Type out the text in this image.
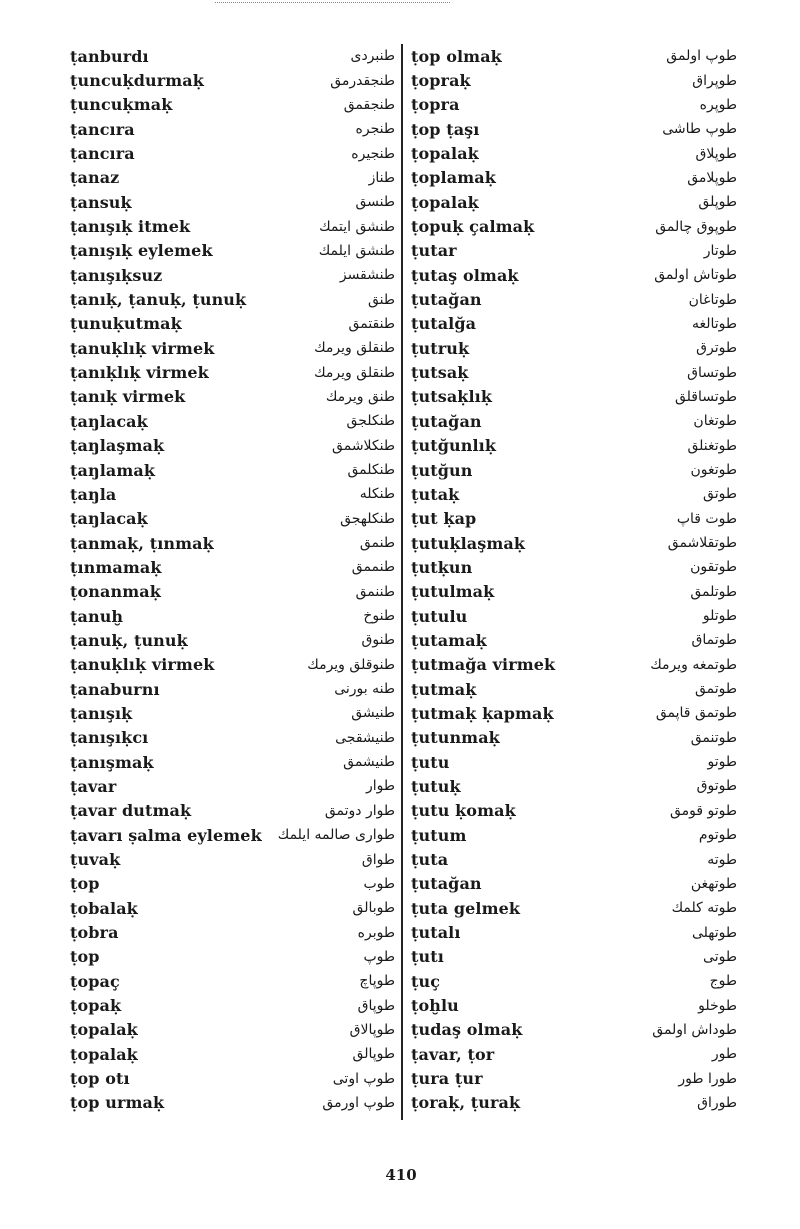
ṭanburdı	طنبردی
ṭuncuḳdurmaḳ	طنجقدرمق
ṭuncuḳmaḳ	طنجقمق
ṭancıra	طنجره
ṭancıra	طنجیره
ṭanaz	طناز
ṭansuḳ	طنسق
ṭanışıḳ itmek	طنشق ایتمك
ṭanışıḳ eylemek	طنشق ایلمك
ṭanışıḳsuz	طنشقسز
ṭanıḳ, ṭanuḳ, ṭunuḳ	طنق
ṭunuḳutmaḳ	طنقتمق
ṭanuḳlıḳ virmek	طنقلق ویرمك
ṭanıḳlıḳ virmek	طنقلق ویرمك
ṭanıḳ virmek	طنق ویرمك
ṭaŋlacaḳ	طنكلجق
ṭaŋlaşmaḳ	طنكلاشمق
ṭaŋlamaḳ	طنكلمق
ṭaŋla	طنكله
ṭaŋlacaḳ	طنكلهجق
ṭanmaḳ, ṭınmaḳ	طنمق
ṭınmamaḳ	طنممق
ṭonanmaḳ	طننمق
ṭanuḫ	طنوخ
ṭanuḳ, ṭunuḳ	طنوق
ṭanuḳlıḳ virmek	طنوقلق ویرمك
ṭanaburnı	طنه بورنی
ṭanışıḳ	طنیشق
ṭanışıḳcı	طنیشقجی
ṭanışmaḳ	طنیشمق
ṭavar	طوار
ṭavar dutmaḳ	طوار دوتمق
ṭavarı ṣalma eylemek طواری صالمه ایلمك
ṭuvaḳ	طواق
ṭop	طوب
ṭobalaḳ	طوبالق
ṭobra	طوبره
ṭop	طوپ
ṭopaç	طوپاچ
ṭopaḳ	طوپاق
ṭopalaḳ	طوپالاق
ṭopalaḳ	طوپالق
ṭop otı	طوپ اوتی
ṭop urmaḳ	طوپ اورمق
ṭop olmaḳ	طوپ اولمق
ṭopraḳ	طوپراق
ṭopra	طوپره
ṭop ṭaşı	طوپ طاشی
ṭopalaḳ	طوپلاق
ṭoplamaḳ	طوپلامق
ṭopalaḳ	طوپلق
ṭopuḳ çalmaḳ	طوپوق چالمق
ṭutar	طوتار
ṭutaş olmaḳ	طوتاش اولمق
ṭutağan	طوتاغان
ṭutalğa	طوتالغه
ṭutruḳ	طوترق
ṭutsaḳ	طوتساق
ṭutsaḳlıḳ	طوتساقلق
ṭutağan	طوتغان
ṭutğunlıḳ	طوتغنلق
ṭutğun	طوتغون
ṭutaḳ	طوتق
ṭut ḳap	طوت قاپ
ṭutuḳlaşmaḳ	طوتقلاشمق
ṭutḳun	طوتقون
ṭutulmaḳ	طوتلمق
ṭutulu	طوتلو
ṭutamaḳ	طوتماق
ṭutmağa virmek	طوتمغه ویرمك
ṭutmaḳ	طوتمق
ṭutmaḳ ḳapmaḳ	طوتمق قاپمق
ṭutunmaḳ	طوتنمق
ṭutu	طوتو
ṭutuḳ	طوتوق
ṭutu ḳomaḳ	طوتو قومق
ṭutum	طوتوم
ṭuta	طوته
ṭutağan	طوتهغن
ṭuta gelmek	طوته كلمك
ṭutalı	طوتهلی
ṭutı	طوتی
ṭuç	طوج
ṭoḫlu	طوخلو
ṭudaş olmaḳ	طوداش اولمق
ṭavar, ṭor	طور
ṭura ṭur	طورا طور
ṭoraḳ, ṭuraḳ	طوراق
410
